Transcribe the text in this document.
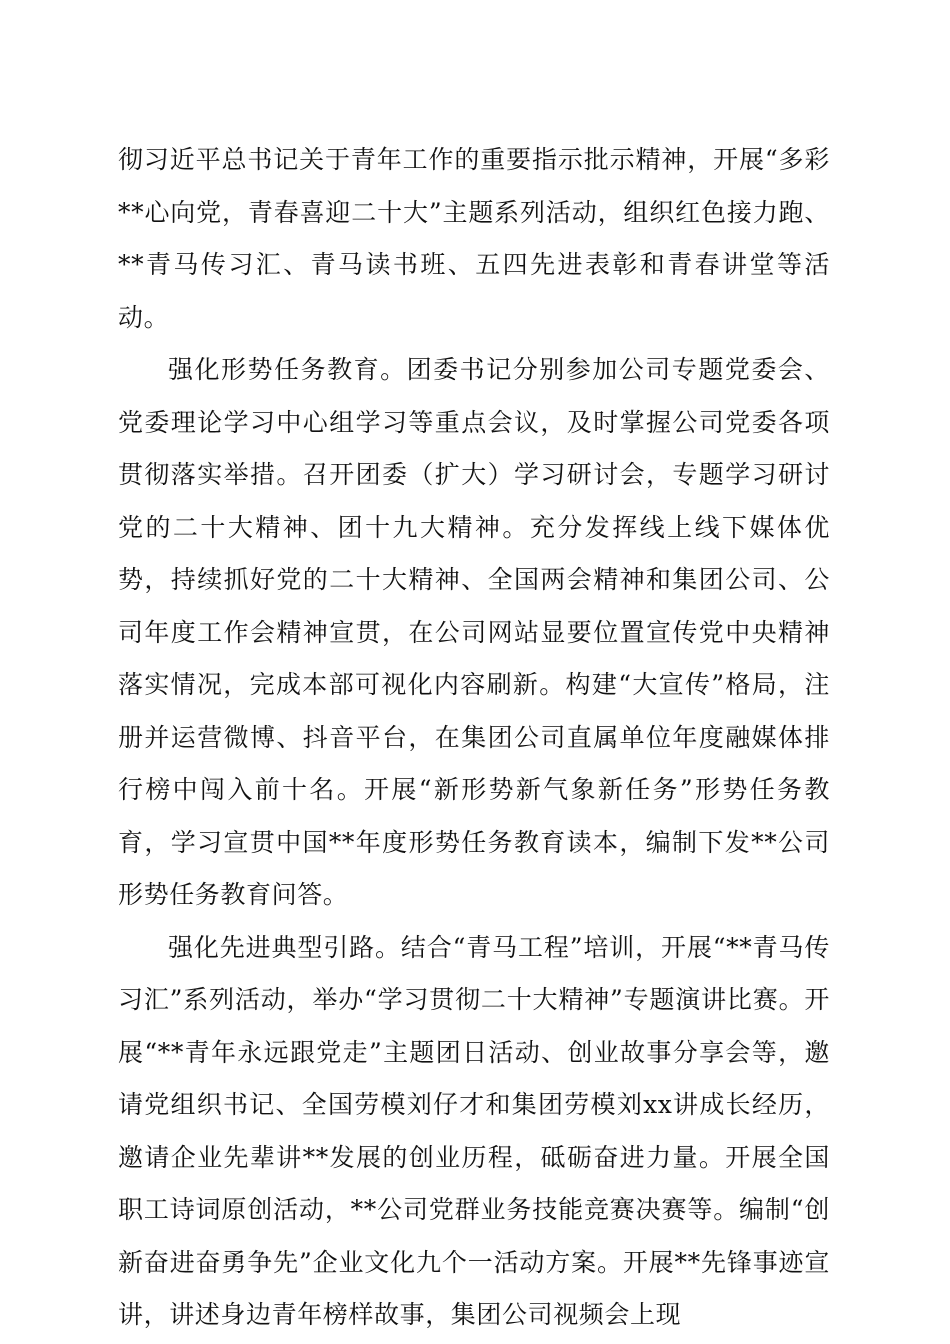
彻习近平总书记关于青年工作的重要指示批示精神，开展“多彩**心向党，青春喜迎二十大”主题系列活动，组织红色接力跑、**青马传习汇、青马读书班、五四先进表彰和青春讲堂等活动。

强化形势任务教育。团委书记分别参加公司专题党委会、党委理论学习中心组学习等重点会议，及时掌握公司党委各项贯彻落实举措。召开团委（扩大）学习研讨会，专题学习研讨党的二十大精神、团十九大精神。充分发挥线上线下媒体优势，持续抓好党的二十大精神、全国两会精神和集团公司、公司年度工作会精神宣贯，在公司网站显要位置宣传党中央精神落实情况，完成本部可视化内容刷新。构建“大宣传”格局，注册并运营微博、抖音平台，在集团公司直属单位年度融媒体排行榜中闯入前十名。开展“新形势新气象新任务”形势任务教育，学习宣贯中国**年度形势任务教育读本，编制下发**公司形势任务教育问答。

强化先进典型引路。结合“青马工程”培训，开展“**青马传习汇”系列活动，举办“学习贯彻二十大精神”专题演讲比赛。开展“**青年永远跟党走”主题团日活动、创业故事分享会等，邀请党组织书记、全国劳模刘仔才和集团劳模刘xx讲成长经历，邀请企业先辈讲**发展的创业历程，砥砺奋进力量。开展全国职工诗词原创活动，**公司党群业务技能竞赛决赛等。编制“创新奋进奋勇争先”企业文化九个一活动方案。开展**先锋事迹宣讲，讲述身边青年榜样故事，集团公司视频会上现
